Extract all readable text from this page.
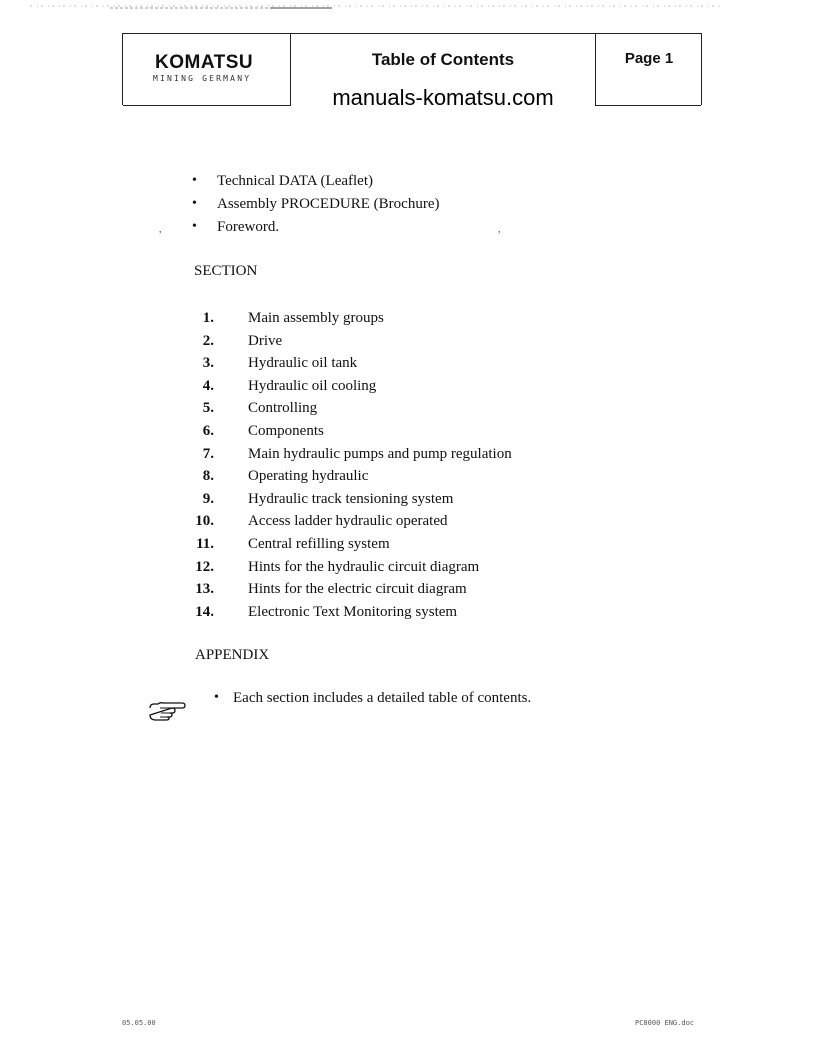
KOMATSU
MINING GERMANY
Table of Contents
manuals-komatsu.com
Page 1
•	Technical DATA (Leaflet)
•	Assembly PROCEDURE (Brochure)
•	Foreword.
,	,
SECTION
1. Main assembly groups
2. Drive
3. Hydraulic oil tank
4. Hydraulic oil cooling
5. Controlling
6. Components
7. Main hydraulic pumps and pump regulation
8. Operating hydraulic
9. Hydraulic track tensioning system
10. Access ladder hydraulic operated
11. Central refilling system
12. Hints for the hydraulic circuit diagram
13. Hints for the electric circuit diagram
14. Electronic Text Monitoring system
APPENDIX
• Each section includes a detailed table of contents.
05.05.00	PC8000 ENG.doc
